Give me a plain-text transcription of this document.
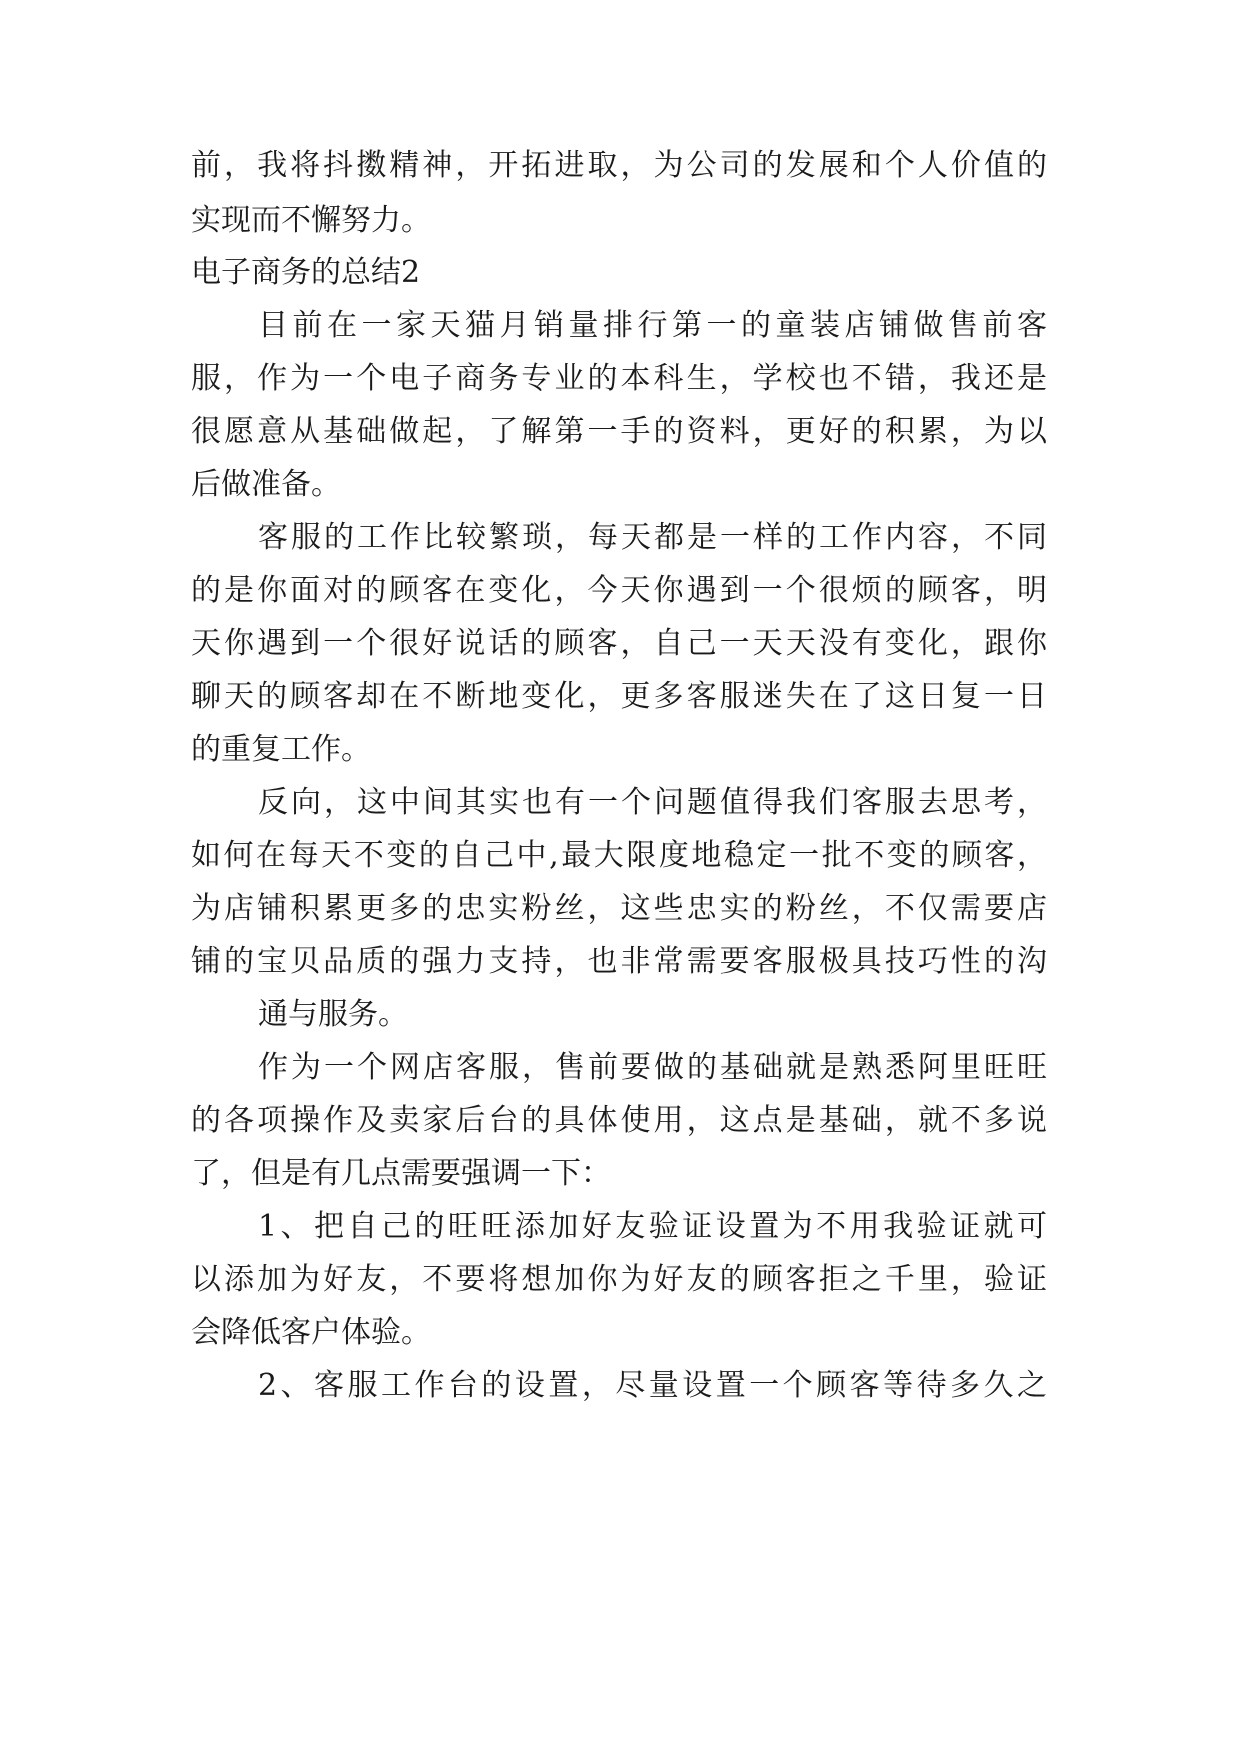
前，我将抖擞精神，开拓进取，为公司的发展和个人价值的
实现而不懈努力。
电子商务的总结2
目前在一家天猫月销量排行第一的童装店铺做售前客
服，作为一个电子商务专业的本科生，学校也不错，我还是
很愿意从基础做起，了解第一手的资料，更好的积累，为以
后做准备。
客服的工作比较繁琐，每天都是一样的工作内容，不同
的是你面对的顾客在变化，今天你遇到一个很烦的顾客，明
天你遇到一个很好说话的顾客，自己一天天没有变化，跟你
聊天的顾客却在不断地变化，更多客服迷失在了这日复一日
的重复工作。
反向，这中间其实也有一个问题值得我们客服去思考，
如何在每天不变的自己中,最大限度地稳定一批不变的顾客，
为店铺积累更多的忠实粉丝，这些忠实的粉丝，不仅需要店
铺的宝贝品质的强力支持，也非常需要客服极具技巧性的沟
通与服务。
作为一个网店客服，售前要做的基础就是熟悉阿里旺旺
的各项操作及卖家后台的具体使用，这点是基础，就不多说
了，但是有几点需要强调一下：
1、把自己的旺旺添加好友验证设置为不用我验证就可
以添加为好友，不要将想加你为好友的顾客拒之千里，验证
会降低客户体验。
2、客服工作台的设置，尽量设置一个顾客等待多久之
